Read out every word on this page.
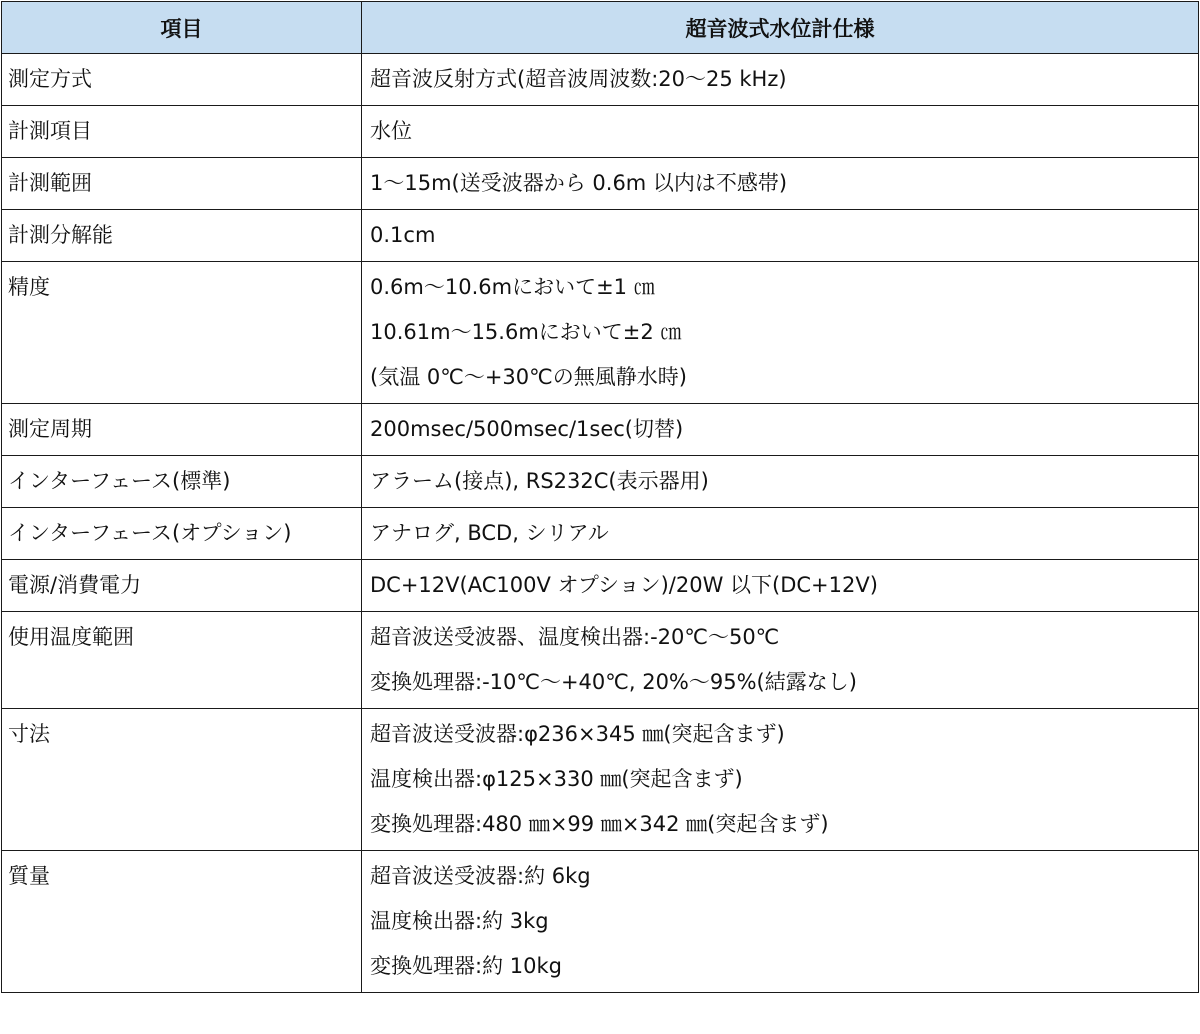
項目	超音波式水位計仕様

測定方式	超音波反射方式(超音波周波数:20〜25 kHz)

計測項目	水位

計測範囲	1〜15m(送受波器から 0.6m 以内は不感帯)

計測分解能	0.1cm

精度	0.6m〜10.6mにおいて±1 ㎝
10.61m〜15.6mにおいて±2 ㎝
(気温 0℃〜+30℃の無風静水時)

測定周期	200msec/500msec/1sec(切替)

インターフェース(標準)	アラーム(接点), RS232C(表示器用)

インターフェース(オプション)	アナログ, BCD, シリアル

電源/消費電力	DC+12V(AC100V オプション)/20W 以下(DC+12V)

使用温度範囲	超音波送受波器、温度検出器:-20℃〜50℃
変換処理器:-10℃〜+40℃, 20%〜95%(結露なし)

寸法	超音波送受波器:φ236×345 ㎜(突起含まず)
温度検出器:φ125×330 ㎜(突起含まず)
変換処理器:480 ㎜×99 ㎜×342 ㎜(突起含まず)

質量	超音波送受波器:約 6kg
温度検出器:約 3kg
変換処理器:約 10kg
